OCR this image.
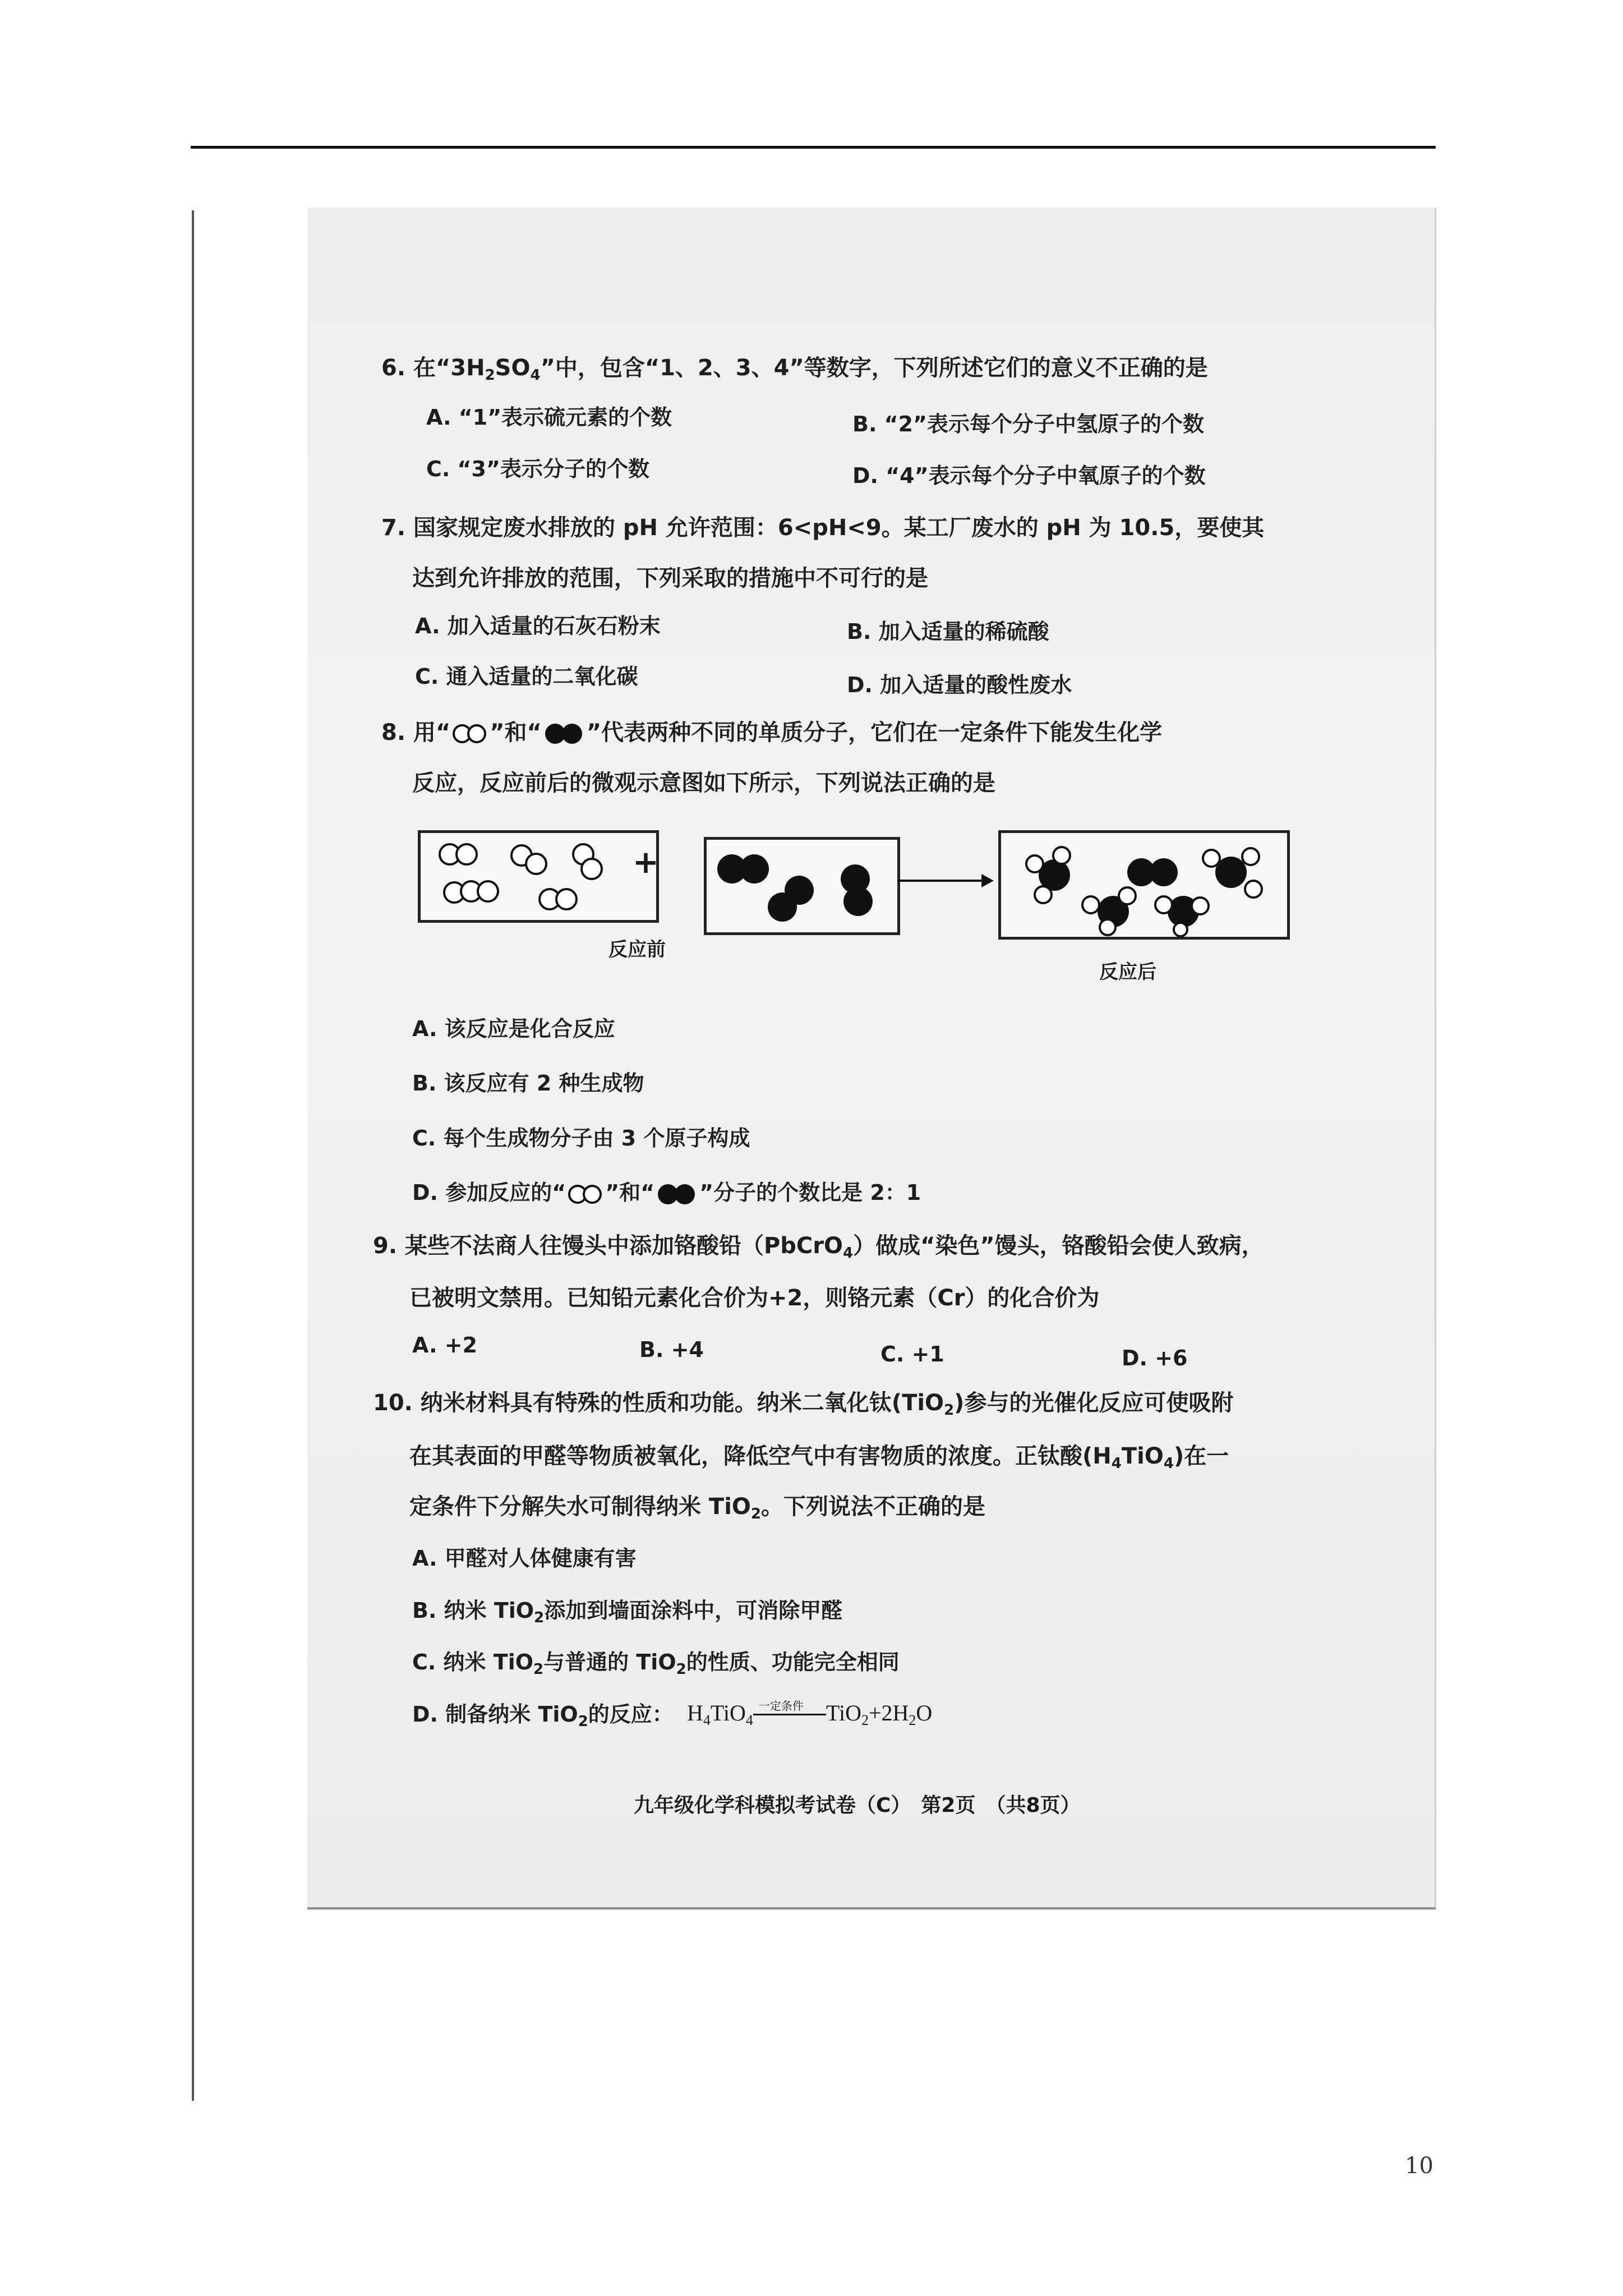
6. 在“$3H_2SO_4$”中，包含“1、2、3、4”等数字，下列所述它们的意义不正确的是
A. “1”表示硫元素的个数	B. “2”表示每个分子中氢原子的个数
C. “3”表示分子的个数	D. “4”表示每个分子中氧原子的个数
7. 国家规定废水排放的 pH 允许范围：6<pH<9。某工厂废水的 pH 为 10.5，要使其
达到允许排放的范围，下列采取的措施中不可行的是
A. 加入适量的石灰石粉末	B. 加入适量的稀硫酸
C. 通入适量的二氧化碳	D. 加入适量的酸性废水
8. 用“ ”和“ ”代表两种不同的单质分子，它们在一定条件下能发生化学
反应，反应前后的微观示意图如下所示，下列说法正确的是
+
反应前
反应后
A. 该反应是化合反应
B. 该反应有 2 种生成物
C. 每个生成物分子由 3 个原子构成
D. 参加反应的“ ”和“ ”分子的个数比是 2：1
9. 某些不法商人往馒头中添加铬酸铅（PbCrO$_4$）做成“染色”馒头，铬酸铅会使人致病，
已被明文禁用。已知铅元素化合价为+2，则铬元素（Cr）的化合价为
A. +2	B. +4	C. +1	D. +6
10. 纳米材料具有特殊的性质和功能。纳米二氧化钛(TiO$_2$)参与的光催化反应可使吸附
在其表面的甲醛等物质被氧化，降低空气中有害物质的浓度。正钛酸$(H_4TiO_4)$在一
定条件下分解失水可制得纳米 TiO$_2$。下列说法不正确的是
A. 甲醛对人体健康有害
B. 纳米 TiO$_2$添加到墙面涂料中，可消除甲醛
C. 纳米 TiO$_2$与普通的 TiO$_2$的性质、功能完全相同
D. 制备纳米 TiO$_2$的反应： $H_4TiO_4$
一定条件 $TiO_2+2H_2O$
九年级化学科模拟考试卷（C）　第2页　（共8页）
10
